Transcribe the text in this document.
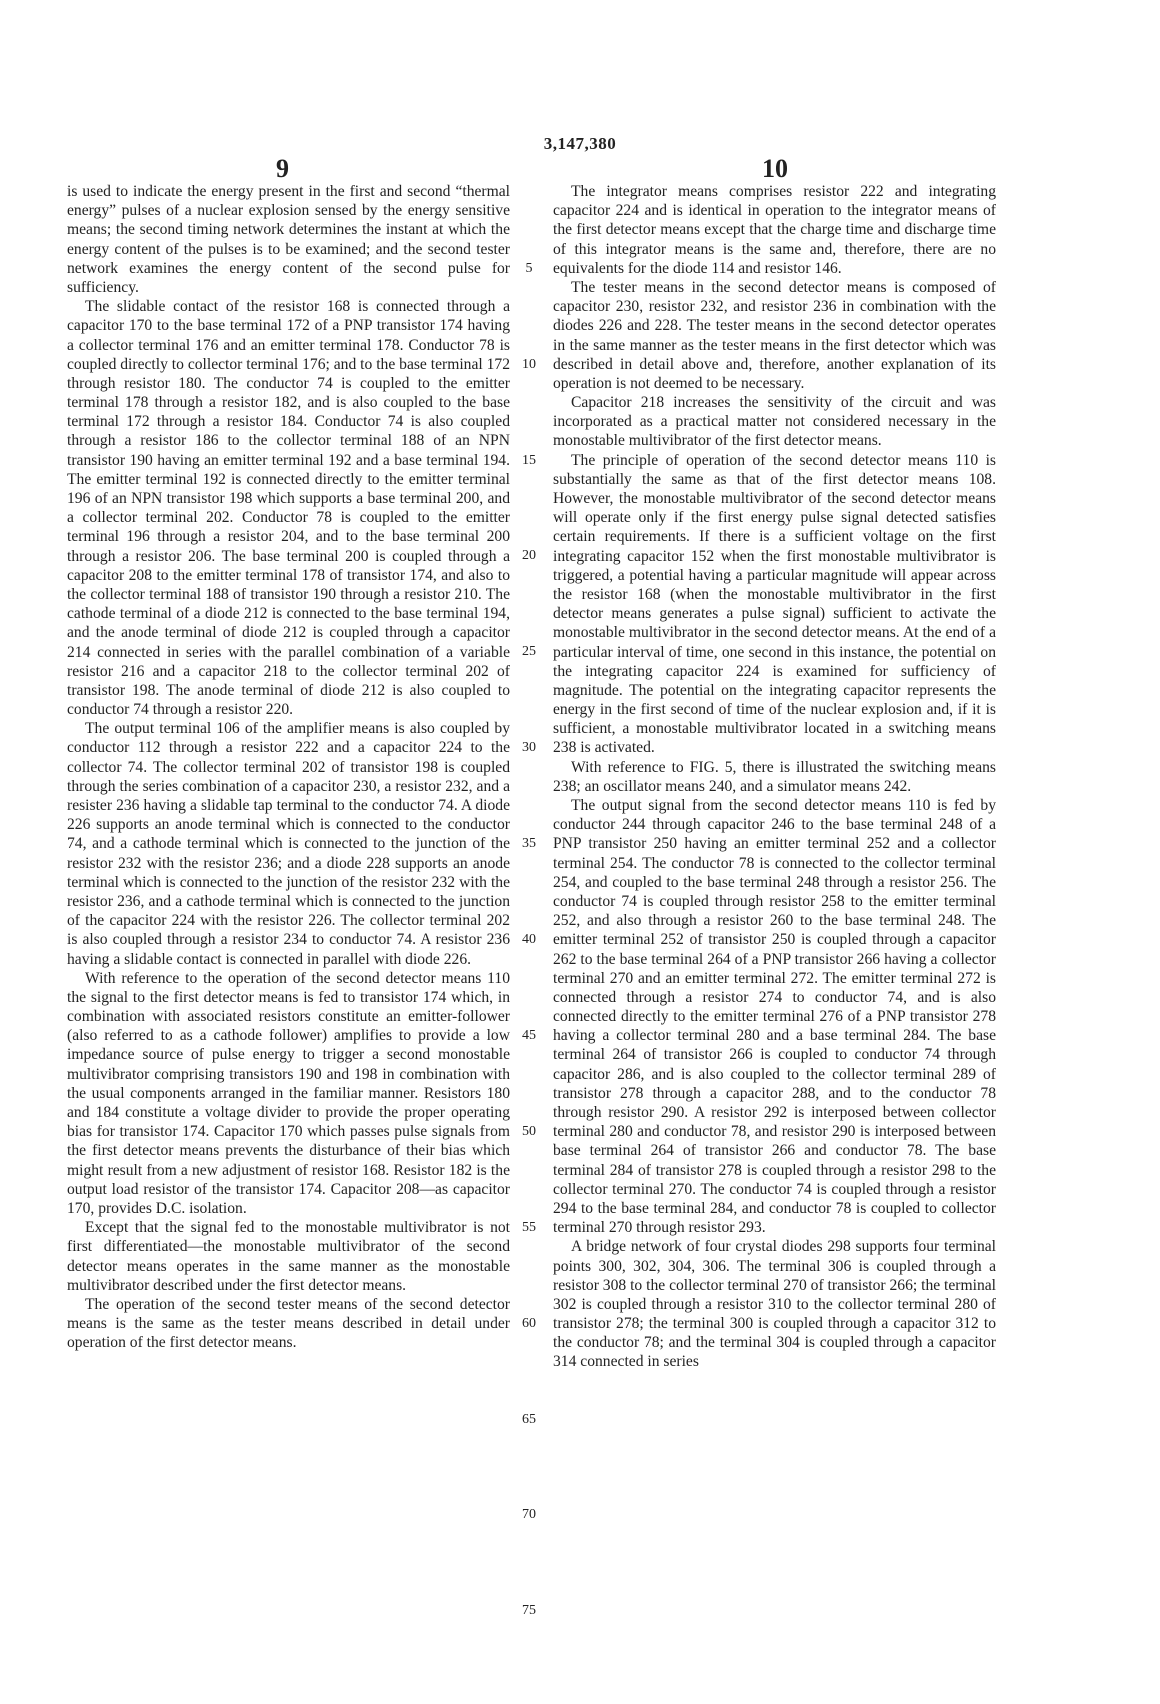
3,147,380
9	10

is used to indicate the energy present in the first and second “thermal energy” pulses of a nuclear explosion sensed by the energy sensitive means; the second timing network determines the instant at which the energy content of the pulses is to be examined; and the second tester network examines the energy content of the second pulse for sufficiency.

The slidable contact of the resistor 168 is connected through a capacitor 170 to the base terminal 172 of a PNP transistor 174 having a collector terminal 176 and an emitter terminal 178. Conductor 78 is coupled directly to collector terminal 176; and to the base terminal 172 through resistor 180. The conductor 74 is coupled to the emitter terminal 178 through a resistor 182, and is also coupled to the base terminal 172 through a resistor 184. Conductor 74 is also coupled through a resistor 186 to the collector terminal 188 of an NPN transistor 190 having an emitter terminal 192 and a base terminal 194. The emitter terminal 192 is connected directly to the emitter terminal 196 of an NPN transistor 198 which supports a base terminal 200, and a collector terminal 202. Conductor 78 is coupled to the emitter terminal 196 through a resistor 204, and to the base terminal 200 through a resistor 206. The base terminal 200 is coupled through a capacitor 208 to the emitter terminal 178 of transistor 174, and also to the collector terminal 188 of transistor 190 through a resistor 210. The cathode terminal of a diode 212 is connected to the base terminal 194, and the anode terminal of diode 212 is coupled through a capacitor 214 connected in series with the parallel combination of a variable resistor 216 and a capacitor 218 to the collector terminal 202 of transistor 198. The anode terminal of diode 212 is also coupled to conductor 74 through a resistor 220.

The output terminal 106 of the amplifier means is also coupled by conductor 112 through a resistor 222 and a capacitor 224 to the collector 74. The collector terminal 202 of transistor 198 is coupled through the series combination of a capacitor 230, a resistor 232, and a resister 236 having a slidable tap terminal to the conductor 74. A diode 226 supports an anode terminal which is connected to the conductor 74, and a cathode terminal which is connected to the junction of the resistor 232 with the resistor 236; and a diode 228 supports an anode terminal which is connected to the junction of the resistor 232 with the resistor 236, and a cathode terminal which is connected to the junction of the capacitor 224 with the resistor 226. The collector terminal 202 is also coupled through a resistor 234 to conductor 74. A resistor 236 having a slidable contact is connected in parallel with diode 226.

With reference to the operation of the second detector means 110 the signal to the first detector means is fed to transistor 174 which, in combination with associated resistors constitute an emitter-follower (also referred to as a cathode follower) amplifies to provide a low impedance source of pulse energy to trigger a second monostable multivibrator comprising transistors 190 and 198 in combination with the usual components arranged in the familiar manner. Resistors 180 and 184 constitute a voltage divider to provide the proper operating bias for transistor 174. Capacitor 170 which passes pulse signals from the first detector means prevents the disturbance of their bias which might result from a new adjustment of resistor 168. Resistor 182 is the output load resistor of the transistor 174. Capacitor 208—as capacitor 170, provides D.C. isolation.

Except that the signal fed to the monostable multivibrator is not first differentiated—the monostable multivibrator of the second detector means operates in the same manner as the monostable multivibrator described under the first detector means.

The operation of the second tester means of the second detector means is the same as the tester means described in detail under operation of the first detector means.

The integrator means comprises resistor 222 and integrating capacitor 224 and is identical in operation to the integrator means of the first detector means except that the charge time and discharge time of this integrator means is the same and, therefore, there are no equivalents for the diode 114 and resistor 146.

The tester means in the second detector means is composed of capacitor 230, resistor 232, and resistor 236 in combination with the diodes 226 and 228. The tester means in the second detector operates in the same manner as the tester means in the first detector which was described in detail above and, therefore, another explanation of its operation is not deemed to be necessary.

Capacitor 218 increases the sensitivity of the circuit and was incorporated as a practical matter not considered necessary in the monostable multivibrator of the first detector means.

The principle of operation of the second detector means 110 is substantially the same as that of the first detector means 108. However, the monostable multivibrator of the second detector means will operate only if the first energy pulse signal detected satisfies certain requirements. If there is a sufficient voltage on the first integrating capacitor 152 when the first monostable multivibrator is triggered, a potential having a particular magnitude will appear across the resistor 168 (when the monostable multivibrator in the first detector means generates a pulse signal) sufficient to activate the monostable multivibrator in the second detector means. At the end of a particular interval of time, one second in this instance, the potential on the integrating capacitor 224 is examined for sufficiency of magnitude. The potential on the integrating capacitor represents the energy in the first second of time of the nuclear explosion and, if it is sufficient, a monostable multivibrator located in a switching means 238 is activated.

With reference to FIG. 5, there is illustrated the switching means 238; an oscillator means 240, and a simulator means 242.

The output signal from the second detector means 110 is fed by conductor 244 through capacitor 246 to the base terminal 248 of a PNP transistor 250 having an emitter terminal 252 and a collector terminal 254. The conductor 78 is connected to the collector terminal 254, and coupled to the base terminal 248 through a resistor 256. The conductor 74 is coupled through resistor 258 to the emitter terminal 252, and also through a resistor 260 to the base terminal 248. The emitter terminal 252 of transistor 250 is coupled through a capacitor 262 to the base terminal 264 of a PNP transistor 266 having a collector terminal 270 and an emitter terminal 272. The emitter terminal 272 is connected through a resistor 274 to conductor 74, and is also connected directly to the emitter terminal 276 of a PNP transistor 278 having a collector terminal 280 and a base terminal 284. The base terminal 264 of transistor 266 is coupled to conductor 74 through capacitor 286, and is also coupled to the collector terminal 289 of transistor 278 through a capacitor 288, and to the conductor 78 through resistor 290. A resistor 292 is interposed between collector terminal 280 and conductor 78, and resistor 290 is interposed between base terminal 264 of transistor 266 and conductor 78. The base terminal 284 of transistor 278 is coupled through a resistor 298 to the collector terminal 270. The conductor 74 is coupled through a resistor 294 to the base terminal 284, and conductor 78 is coupled to collector terminal 270 through resistor 293.

A bridge network of four crystal diodes 298 supports four terminal points 300, 302, 304, 306. The terminal 306 is coupled through a resistor 308 to the collector terminal 270 of transistor 266; the terminal 302 is coupled through a resistor 310 to the collector terminal 280 of transistor 278; the terminal 300 is coupled through a capacitor 312 to the conductor 78; and the terminal 304 is coupled through a capacitor 314 connected in series

5
10
15
20
25
30
35
40
45
50
55
60
65
70
75
